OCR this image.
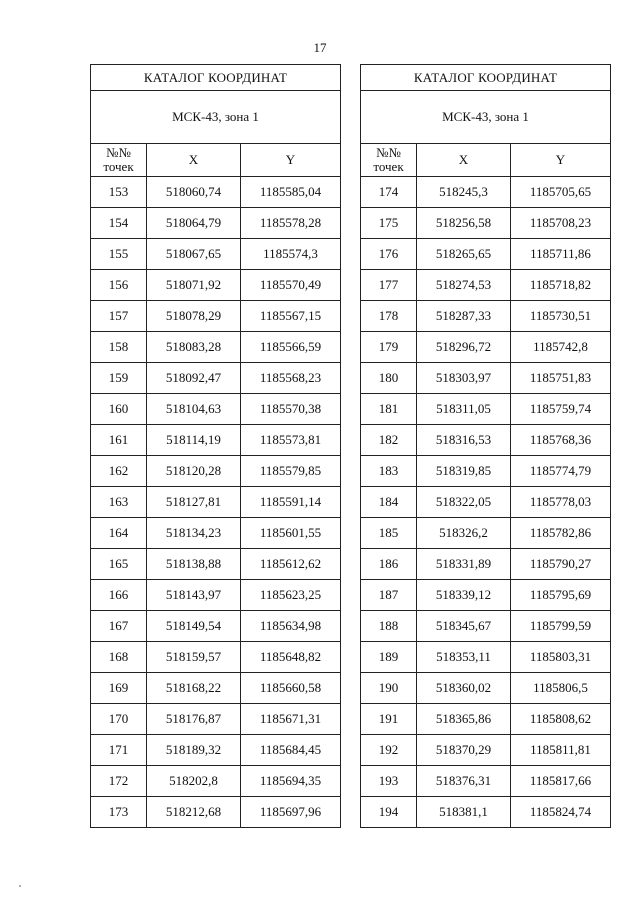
17
КАТАЛОГ КООРДИНАТ		
МСК-43, зона 1		
№№ точек	X	Y
153	518060,74	1185585,04
154	518064,79	1185578,28
155	518067,65	1185574,3
156	518071,92	1185570,49
157	518078,29	1185567,15
158	518083,28	1185566,59
159	518092,47	1185568,23
160	518104,63	1185570,38
161	518114,19	1185573,81
162	518120,28	1185579,85
163	518127,81	1185591,14
164	518134,23	1185601,55
165	518138,88	1185612,62
166	518143,97	1185623,25
167	518149,54	1185634,98
168	518159,57	1185648,82
169	518168,22	1185660,58
170	518176,87	1185671,31
171	518189,32	1185684,45
172	518202,8	1185694,35
173	518212,68	1185697,96
КАТАЛОГ КООРДИНАТ		
МСК-43, зона 1		
№№ точек	X	Y
174	518245,3	1185705,65
175	518256,58	1185708,23
176	518265,65	1185711,86
177	518274,53	1185718,82
178	518287,33	1185730,51
179	518296,72	1185742,8
180	518303,97	1185751,83
181	518311,05	1185759,74
182	518316,53	1185768,36
183	518319,85	1185774,79
184	518322,05	1185778,03
185	518326,2	1185782,86
186	518331,89	1185790,27
187	518339,12	1185795,69
188	518345,67	1185799,59
189	518353,11	1185803,31
190	518360,02	1185806,5
191	518365,86	1185808,62
192	518370,29	1185811,81
193	518376,31	1185817,66
194	518381,1	1185824,74
